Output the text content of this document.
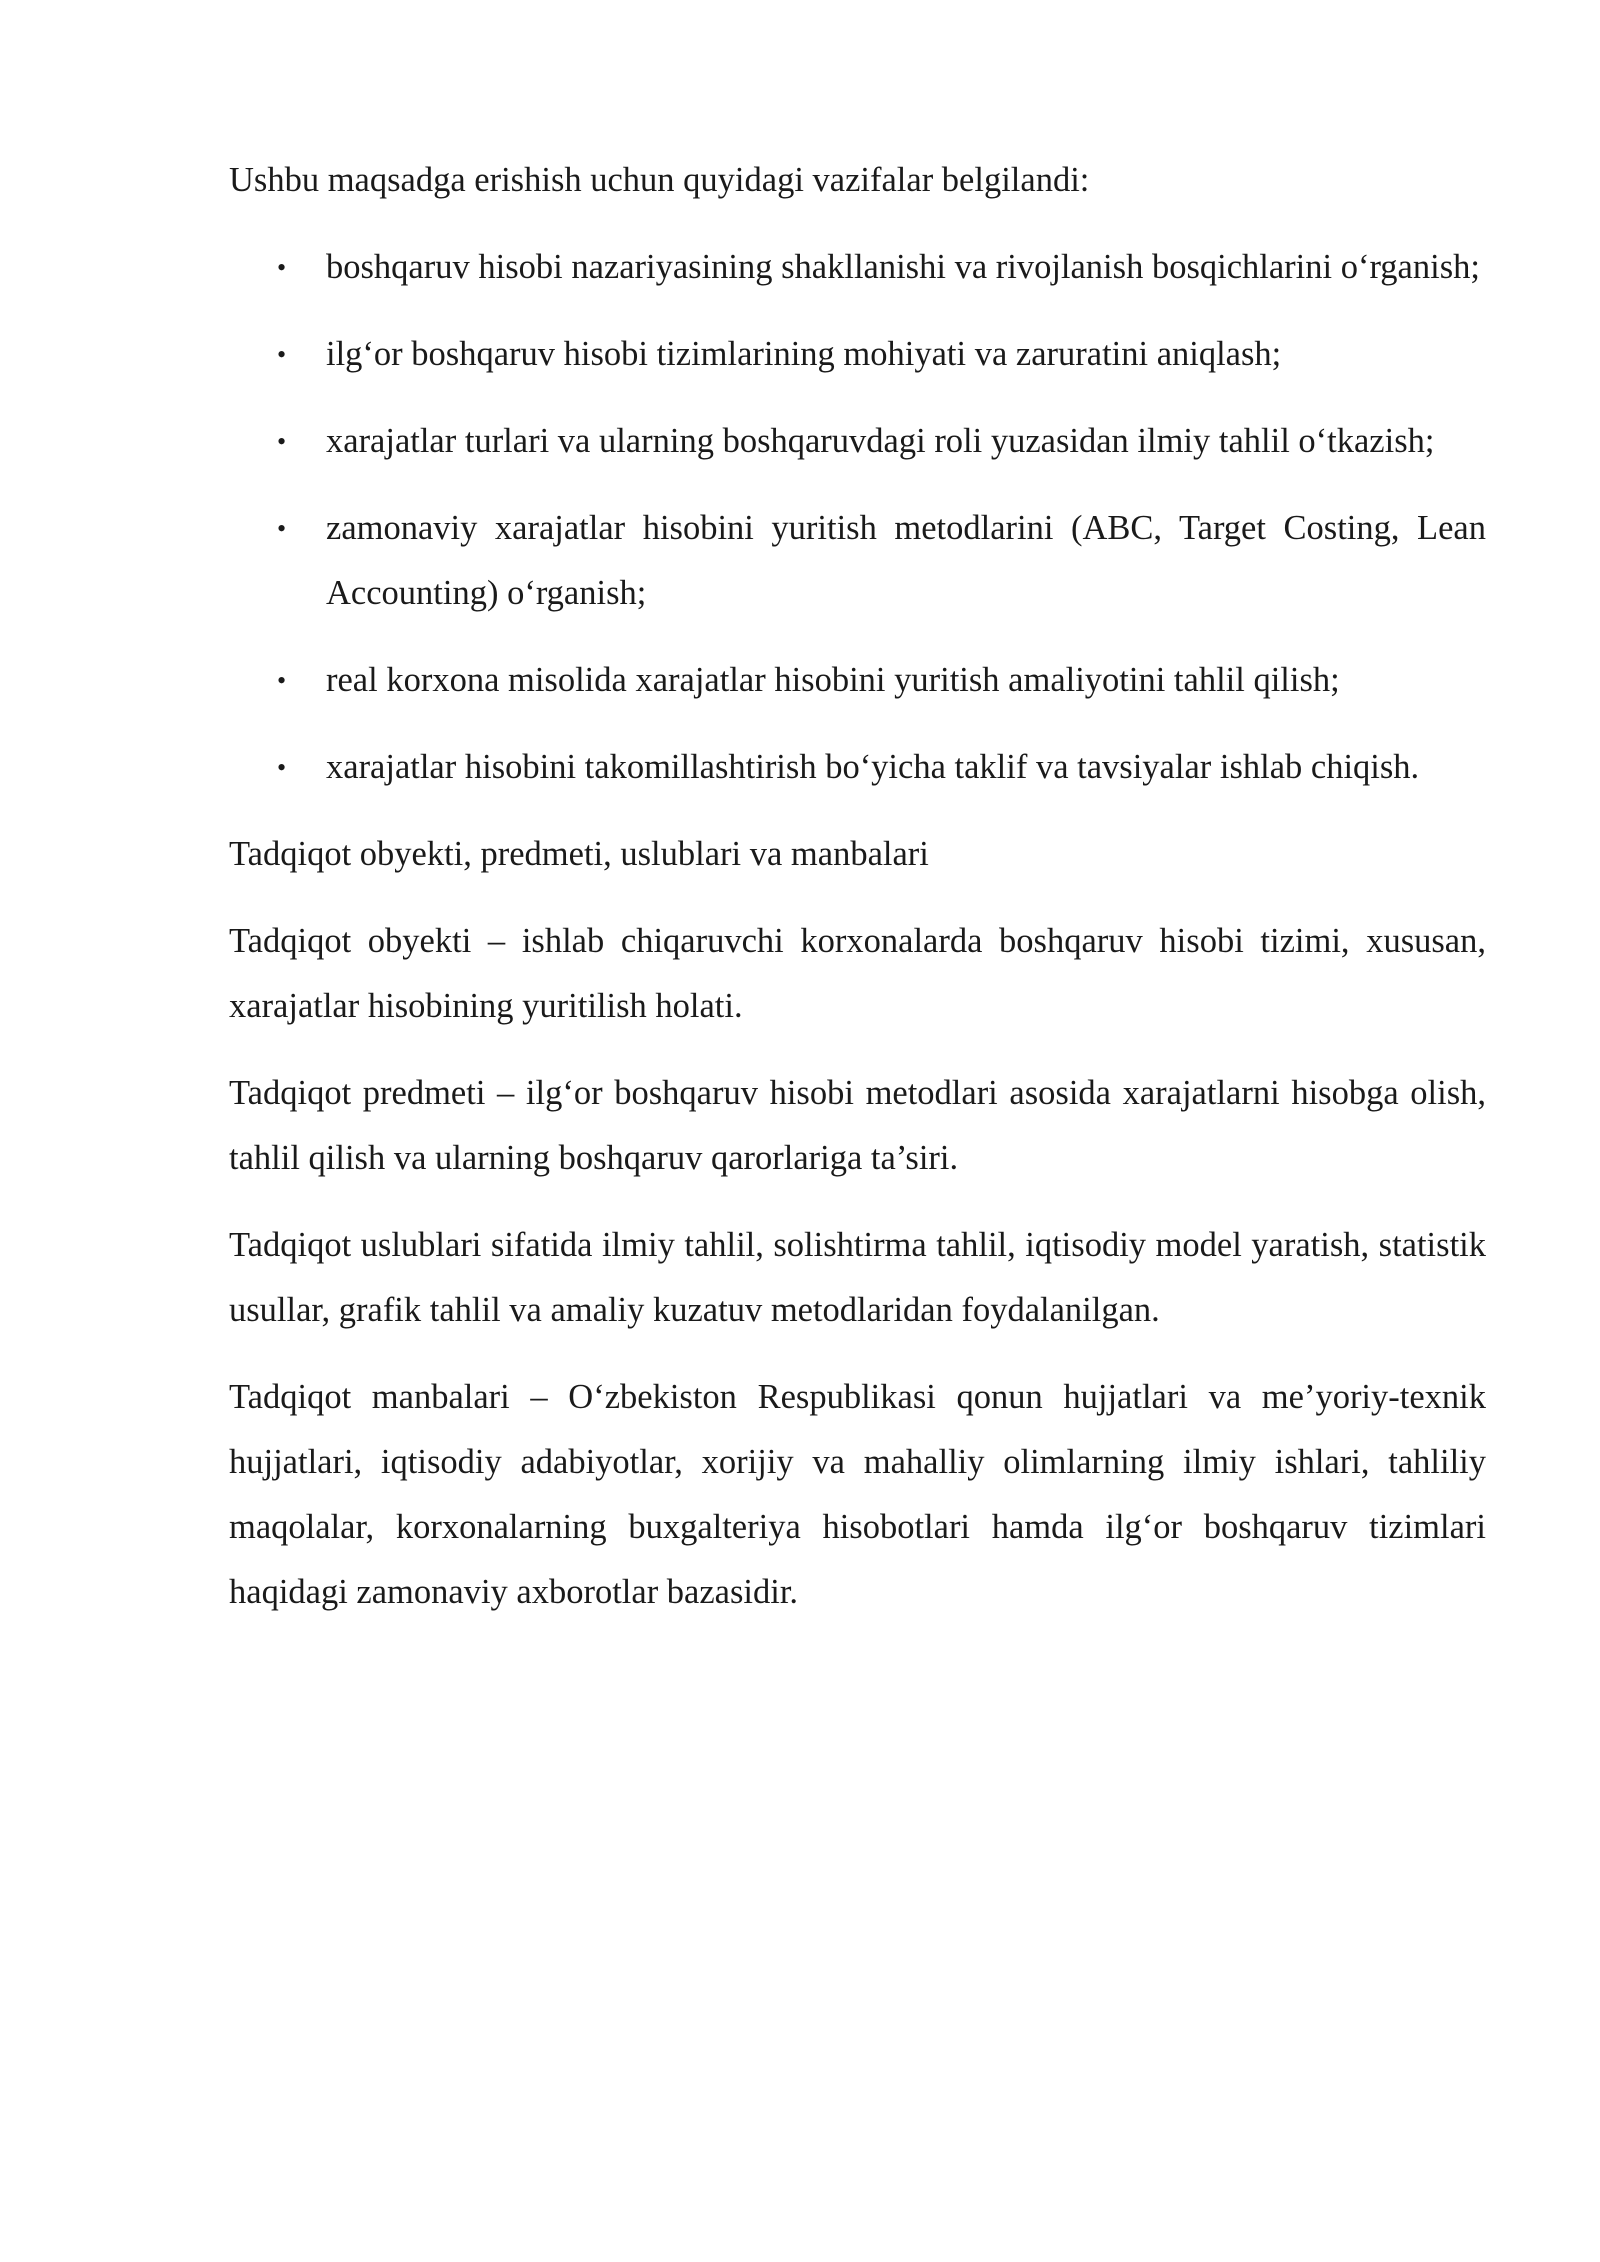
Ushbu maqsadga erishish uchun quyidagi vazifalar belgilandi:

• boshqaruv hisobi nazariyasining shakllanishi va rivojlanish bosqichlarini o‘rganish;
• ilg‘or boshqaruv hisobi tizimlarining mohiyati va zaruratini aniqlash;
• xarajatlar turlari va ularning boshqaruvdagi roli yuzasidan ilmiy tahlil o‘tkazish;
• zamonaviy xarajatlar hisobini yuritish metodlarini (ABC, Target Costing, Lean Accounting) o‘rganish;
• real korxona misolida xarajatlar hisobini yuritish amaliyotini tahlil qilish;
• xarajatlar hisobini takomillashtirish bo‘yicha taklif va tavsiyalar ishlab chiqish.

Tadqiqot obyekti, predmeti, uslublari va manbalari

Tadqiqot obyekti – ishlab chiqaruvchi korxonalarda boshqaruv hisobi tizimi, xususan, xarajatlar hisobining yuritilish holati.

Tadqiqot predmeti – ilg‘or boshqaruv hisobi metodlari asosida xarajatlarni hisobga olish, tahlil qilish va ularning boshqaruv qarorlariga ta’siri.

Tadqiqot uslublari sifatida ilmiy tahlil, solishtirma tahlil, iqtisodiy model yaratish, statistik usullar, grafik tahlil va amaliy kuzatuv metodlaridan foydalanilgan.

Tadqiqot manbalari – O‘zbekiston Respublikasi qonun hujjatlari va me’yoriy-texnik hujjatlari, iqtisodiy adabiyotlar, xorijiy va mahalliy olimlarning ilmiy ishlari, tahliliy maqolalar, korxonalarning buxgalteriya hisobotlari hamda ilg‘or boshqaruv tizimlari haqidagi zamonaviy axborotlar bazasidir.
